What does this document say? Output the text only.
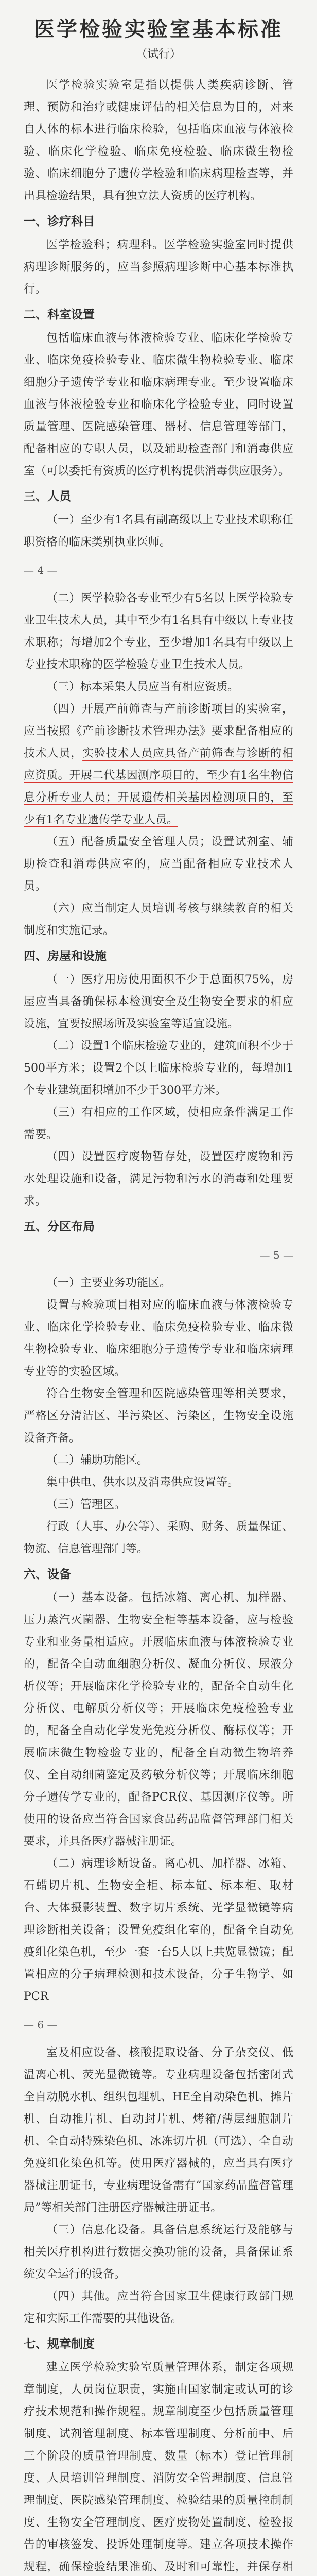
医学检验实验室基本标准
（试行）

医学检验实验室是指以提供人类疾病诊断、管理、预防和治疗或健康评估的相关信息为目的，对来自人体的标本进行临床检验，包括临床血液与体液检验、临床化学检验、临床免疫检验、临床微生物检验、临床细胞分子遗传学检验和临床病理检查等，并出具检验结果，具有独立法人资质的医疗机构。

一、诊疗科目

医学检验科；病理科。医学检验实验室同时提供病理诊断服务的，应当参照病理诊断中心基本标准执行。

二、科室设置

包括临床血液与体液检验专业、临床化学检验专业、临床免疫检验专业、临床微生物检验专业、临床细胞分子遗传学专业和临床病理专业。至少设置临床血液与体液检验专业和临床化学检验专业，同时设置质量管理、医院感染管理、器材、信息管理等部门，配备相应的专职人员，以及辅助检查部门和消毒供应室（可以委托有资质的医疗机构提供消毒供应服务）。

三、人员

（一）至少有1名具有副高级以上专业技术职称任职资格的临床类别执业医师。

— 4 —

（二）医学检验各专业至少有5名以上医学检验专业卫生技术人员，其中至少有1名具有中级以上专业技术职称；每增加2个专业，至少增加1名具有中级以上专业技术职称的医学检验专业卫生技术人员。

（三）标本采集人员应当有相应资质。

（四）开展产前筛查与产前诊断项目的实验室，应当按照《产前诊断技术管理办法》要求配备相应的技术人员，实验技术人员应具备产前筛查与诊断的相应资质。开展二代基因测序项目的，至少有1名生物信息分析专业人员；开展遗传相关基因检测项目的，至少有1名专业遗传学专业人员。

（五）配备质量安全管理人员；设置试剂室、辅助检查和消毒供应室的，应当配备相应专业技术人员。

（六）应当制定人员培训考核与继续教育的相关制度和实施记录。

四、房屋和设施

（一）医疗用房使用面积不少于总面积75%，房屋应当具备确保标本检测安全及生物安全要求的相应设施，宜要按照场所及实验室等适宜设施。

（二）设置1个临床检验专业的，建筑面积不少于500平方米；设置2个以上临床检验专业的，每增加1个专业建筑面积增加不少于300平方米。

（三）有相应的工作区域，使相应条件满足工作需要。

（四）设置医疗废物暂存处，设置医疗废物和污水处理设施和设备，满足污物和污水的消毒和处理要求。

五、分区布局
— 5 —

（一）主要业务功能区。

设置与检验项目相对应的临床血液与体液检验专业、临床化学检验专业、临床免疫检验专业、临床微生物检验专业、临床细胞分子遗传学专业和临床病理专业等的实验区域。

符合生物安全管理和医院感染管理等相关要求，严格区分清洁区、半污染区、污染区，生物安全设施设备齐备。

（二）辅助功能区。

集中供电、供水以及消毒供应设置等。

（三）管理区。

行政（人事、办公等）、采购、财务、质量保证、物流、信息管理部门等。

六、设备

（一）基本设备。包括冰箱、离心机、加样器、压力蒸汽灭菌器、生物安全柜等基本设备，应与检验专业和业务量相适应。开展临床血液与体液检验专业的，配备全自动血细胞分析仪、凝血分析仪、尿液分析仪等；开展临床化学检验专业的，配备全自动生化分析仪、电解质分析仪等；开展临床免疫检验专业的，配备全自动化学发光免疫分析仪、酶标仪等；开展临床微生物检验专业的，配备全自动微生物培养仪、全自动细菌鉴定及药敏分析仪等；开展临床细胞分子遗传学专业的，配备PCR仪、基因测序仪等。所使用的设备应当符合国家食品药品监督管理部门相关要求，并具备医疗器械注册证。

（二）病理诊断设备。离心机、加样器、冰箱、石蜡切片机、生物安全柜、标本缸、标本柜、取材台、大体摄影装置、数字切片系统、光学显微镜等病理诊断相关设备；设置免疫组化室的，配备全自动免疫组化染色机，至少一套一台5人以上共览显微镜；配置相应的分子病理检测和技术设备，分子生物学、如PCR

— 6 —

室及相应设备、核酸提取设备、分子杂交仪、低温离心机、荧光显微镜等。专业病理设备包括密闭式全自动脱水机、组织包埋机、HE全自动染色机、摊片机、自动推片机、自动封片机、烤箱/薄层细胞制片机、全自动特殊染色机、冰冻切片机（可选）、全自动免疫组化染色机等。使用医疗器械的，应当具有医疗器械注册证书，专业病理设备需有“国家药品监督管理局”等相关部门注册医疗器械注册证书。

（三）信息化设备。具备信息系统运行及能够与相关医疗机构进行数据交换功能的设备，具备保证系统安全运行的设备。

（四）其他。应当符合国家卫生健康行政部门规定和实际工作需要的其他设备。

七、规章制度

建立医学检验实验室质量管理体系，制定各项规章制度，人员岗位职责，实施由国家制定或认可的诊疗技术规范和操作规程。规章制度至少包括质量管理制度、试剂管理制度、标本管理制度、分析前中、后三个阶段的质量管理制度、数量（标本）登记管理制度、人员培训管理制度、消防安全管理制度、信息管理制度、医院感染管理制度、检验结果的质量控制制度、生物安全管理制度、医疗废物处置制度、检验报告的审核签发、投诉处理制度等。建立各项技术操作规程，确保检验结果准确、及时和可靠性，并保存相
